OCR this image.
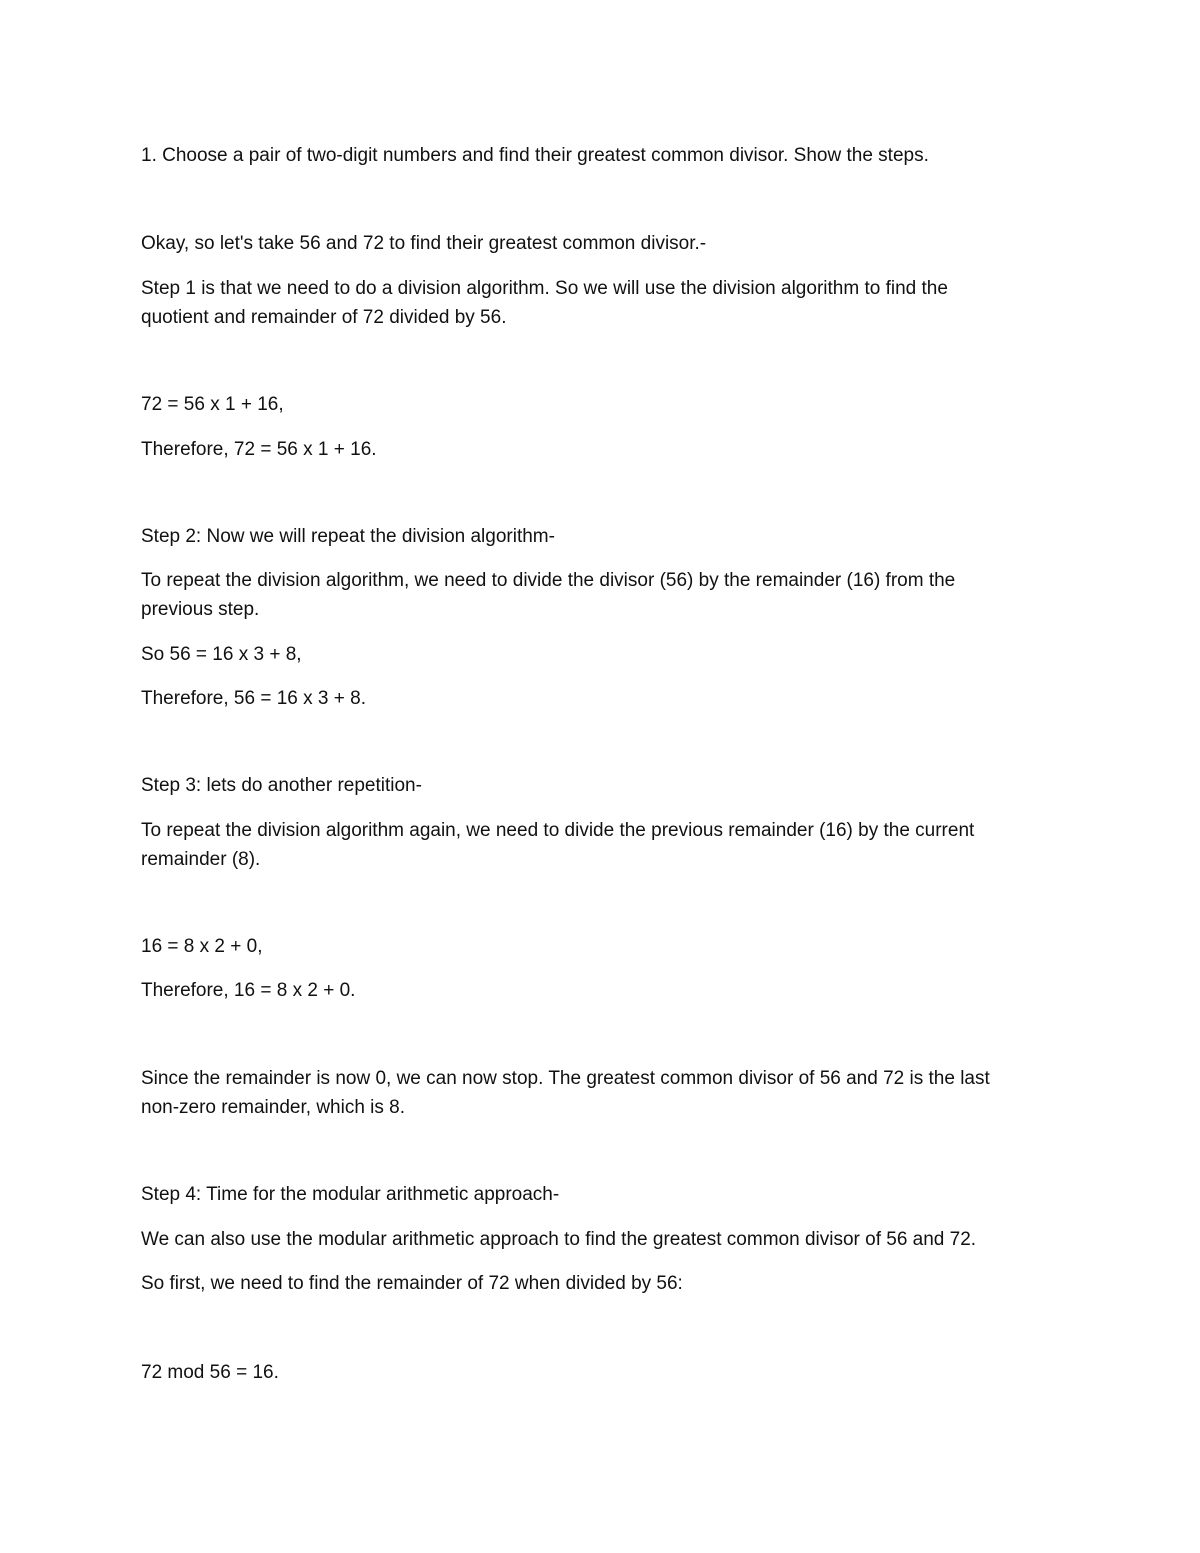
1. Choose a pair of two-digit numbers and find their greatest common divisor. Show the steps.

Okay, so let's take 56 and 72 to find their greatest common divisor.-

Step 1 is that we need to do a division algorithm. So we will use the division algorithm to find the

quotient and remainder of 72 divided by 56.

72 = 56 x 1 + 16,

Therefore, 72 = 56 x 1 + 16.

Step 2: Now we will repeat the division algorithm-

To repeat the division algorithm, we need to divide the divisor (56) by the remainder (16) from the

previous step.

So 56 = 16 x 3 + 8,

Therefore, 56 = 16 x 3 + 8.

Step 3: lets do another repetition-

To repeat the division algorithm again, we need to divide the previous remainder (16) by the current

remainder (8).

16 = 8 x 2 + 0,

Therefore, 16 = 8 x 2 + 0.

Since the remainder is now 0, we can now stop. The greatest common divisor of 56 and 72 is the last

non-zero remainder, which is 8.

Step 4: Time for the modular arithmetic approach-

We can also use the modular arithmetic approach to find the greatest common divisor of 56 and 72.

So first, we need to find the remainder of 72 when divided by 56:

72 mod 56 = 16.
